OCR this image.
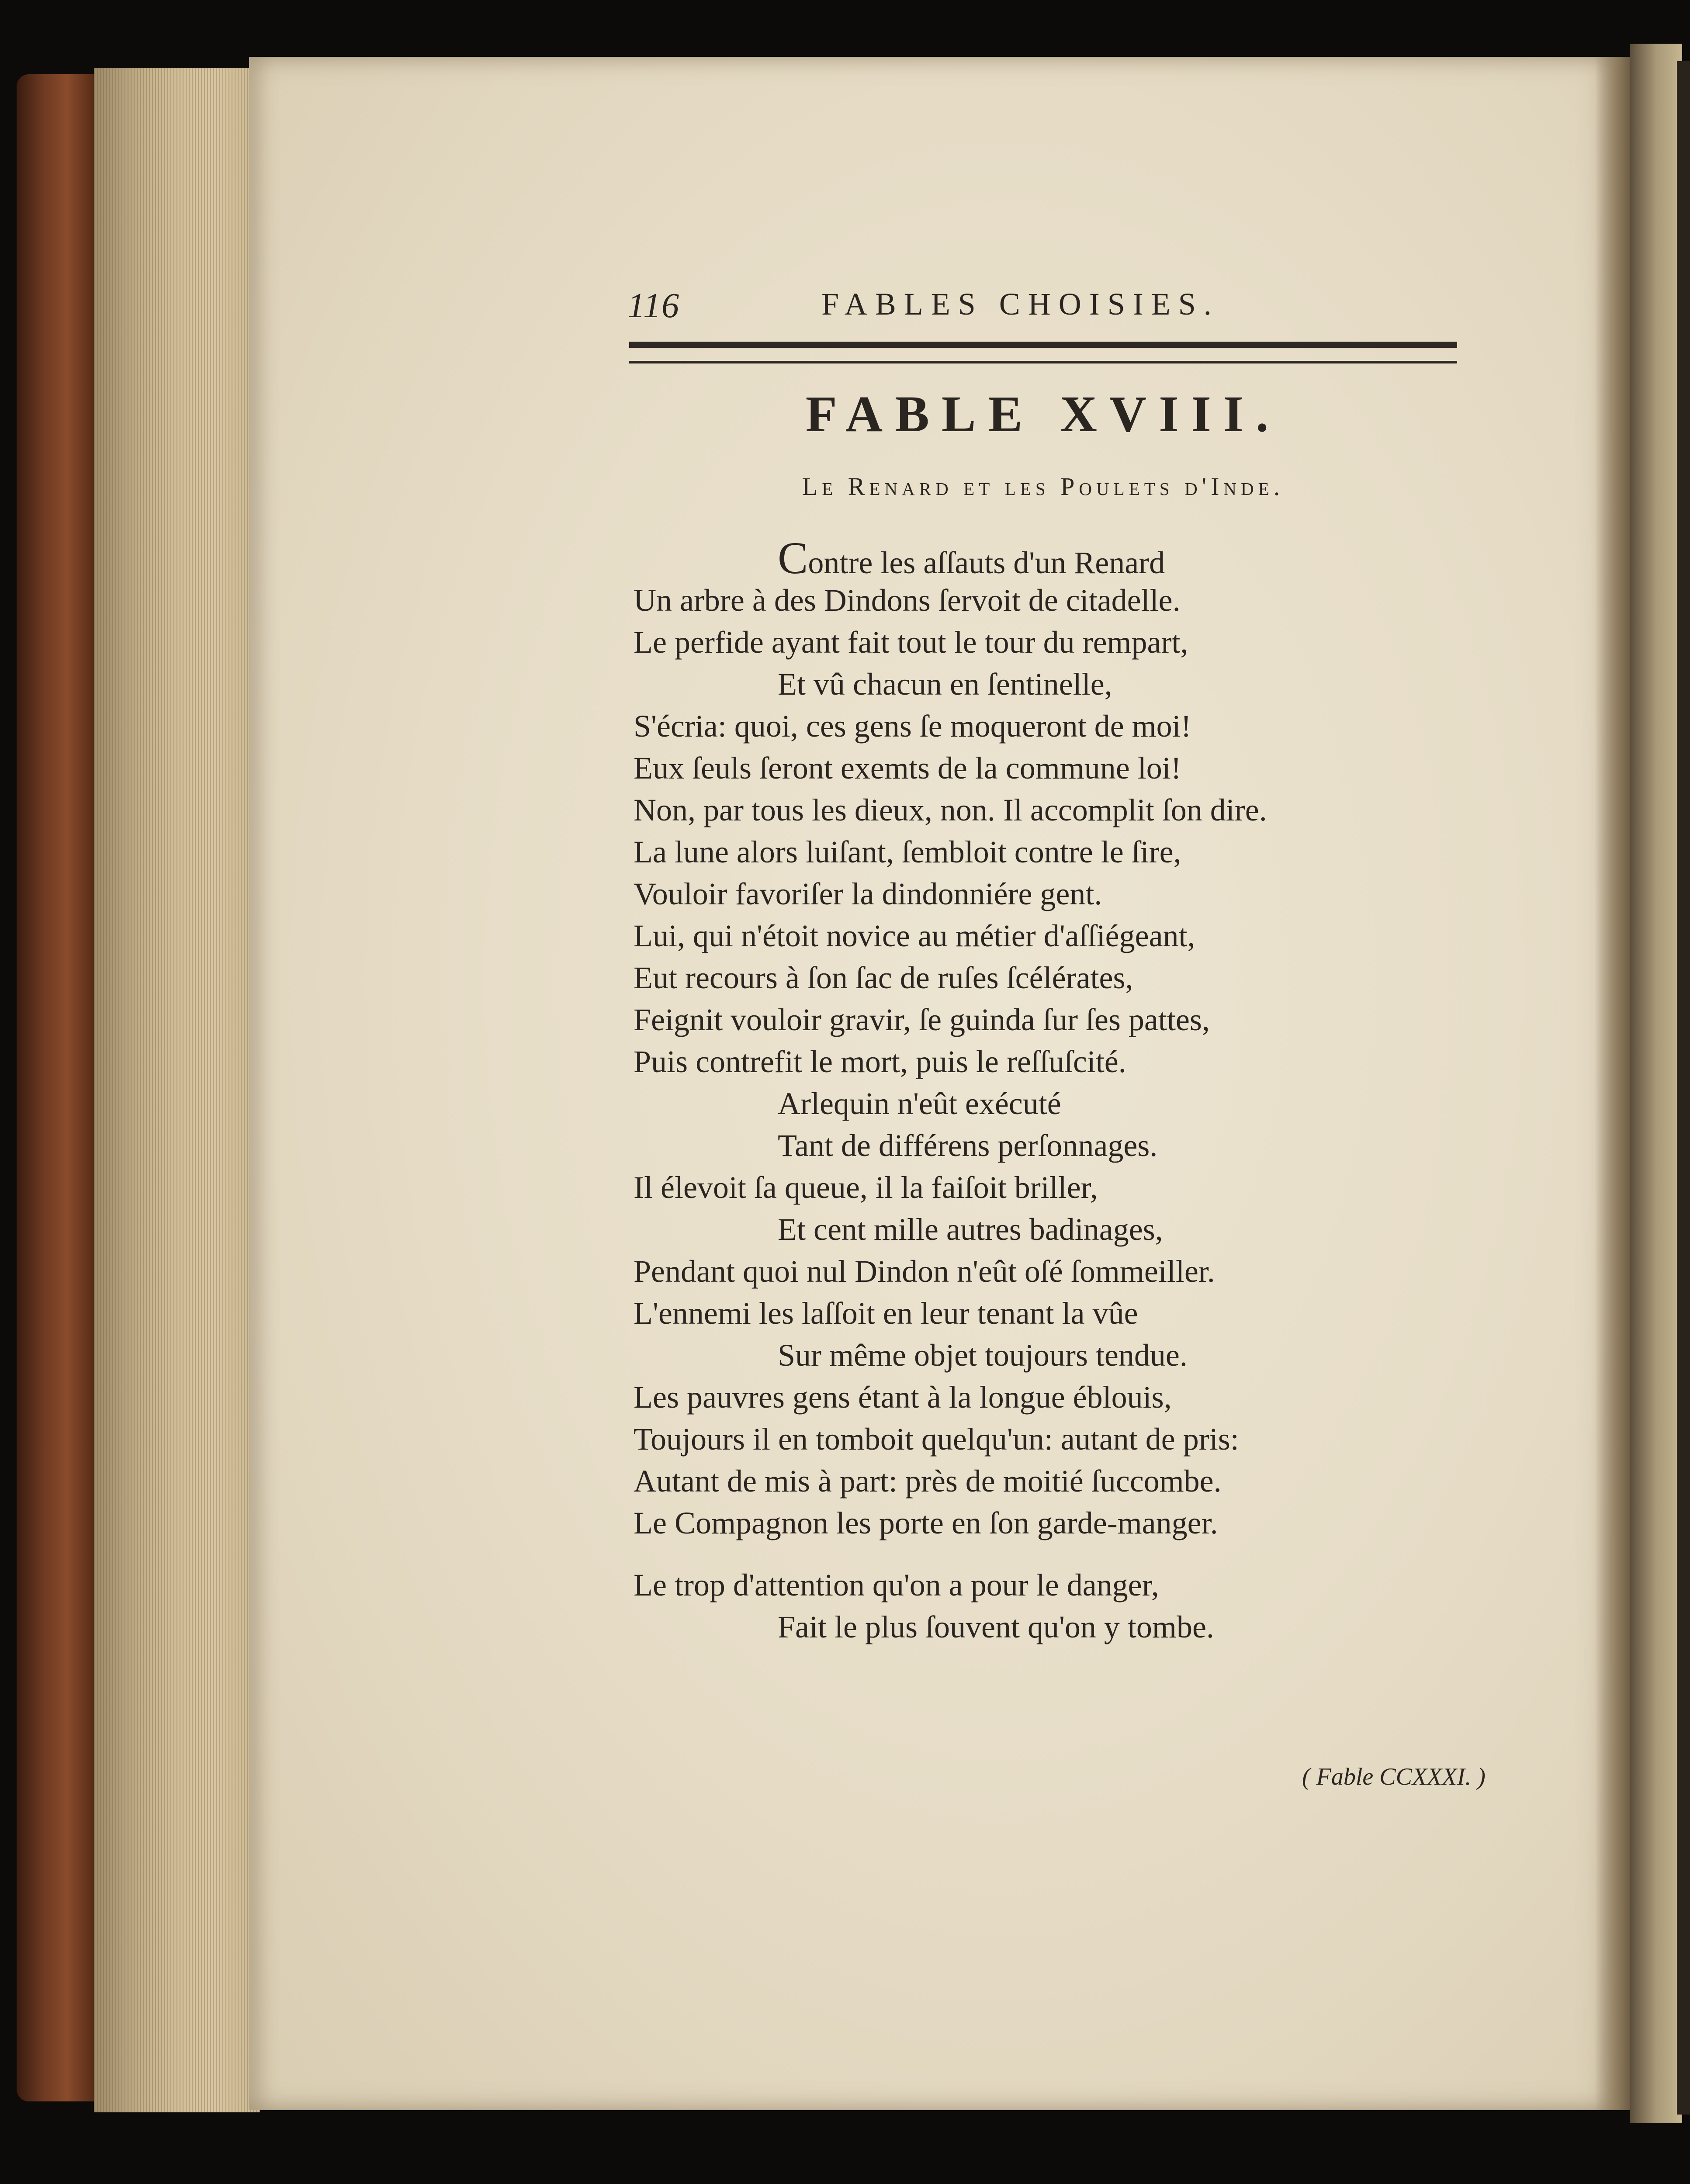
116	FABLES CHOISIES.
FABLE XVIII.
Le Renard et les Poulets d'Inde.
Contre les aſſauts d'un Renard
Un arbre à des Dindons ſervoit de citadelle.
Le perfide ayant fait tout le tour du rempart,
Et vû chacun en ſentinelle,
S'écria: quoi, ces gens ſe moqueront de moi!
Eux ſeuls ſeront exemts de la commune loi!
Non, par tous les dieux, non. Il accomplit ſon dire.
La lune alors luiſant, ſembloit contre le ſire,
Vouloir favoriſer la dindonniére gent.
Lui, qui n'étoit novice au métier d'aſſiégeant,
Eut recours à ſon ſac de ruſes ſcélérates,
Feignit vouloir gravir, ſe guinda ſur ſes pattes,
Puis contrefit le mort, puis le reſſuſcité.
Arlequin n'eût exécuté
Tant de différens perſonnages.
Il élevoit ſa queue, il la faiſoit briller,
Et cent mille autres badinages,
Pendant quoi nul Dindon n'eût oſé ſommeiller.
L'ennemi les laſſoit en leur tenant la vûe
Sur même objet toujours tendue.
Les pauvres gens étant à la longue éblouis,
Toujours il en tomboit quelqu'un: autant de pris:
Autant de mis à part: près de moitié ſuccombe.
Le Compagnon les porte en ſon garde-manger.
Le trop d'attention qu'on a pour le danger,
Fait le plus ſouvent qu'on y tombe.
( Fable CCXXXI. )
